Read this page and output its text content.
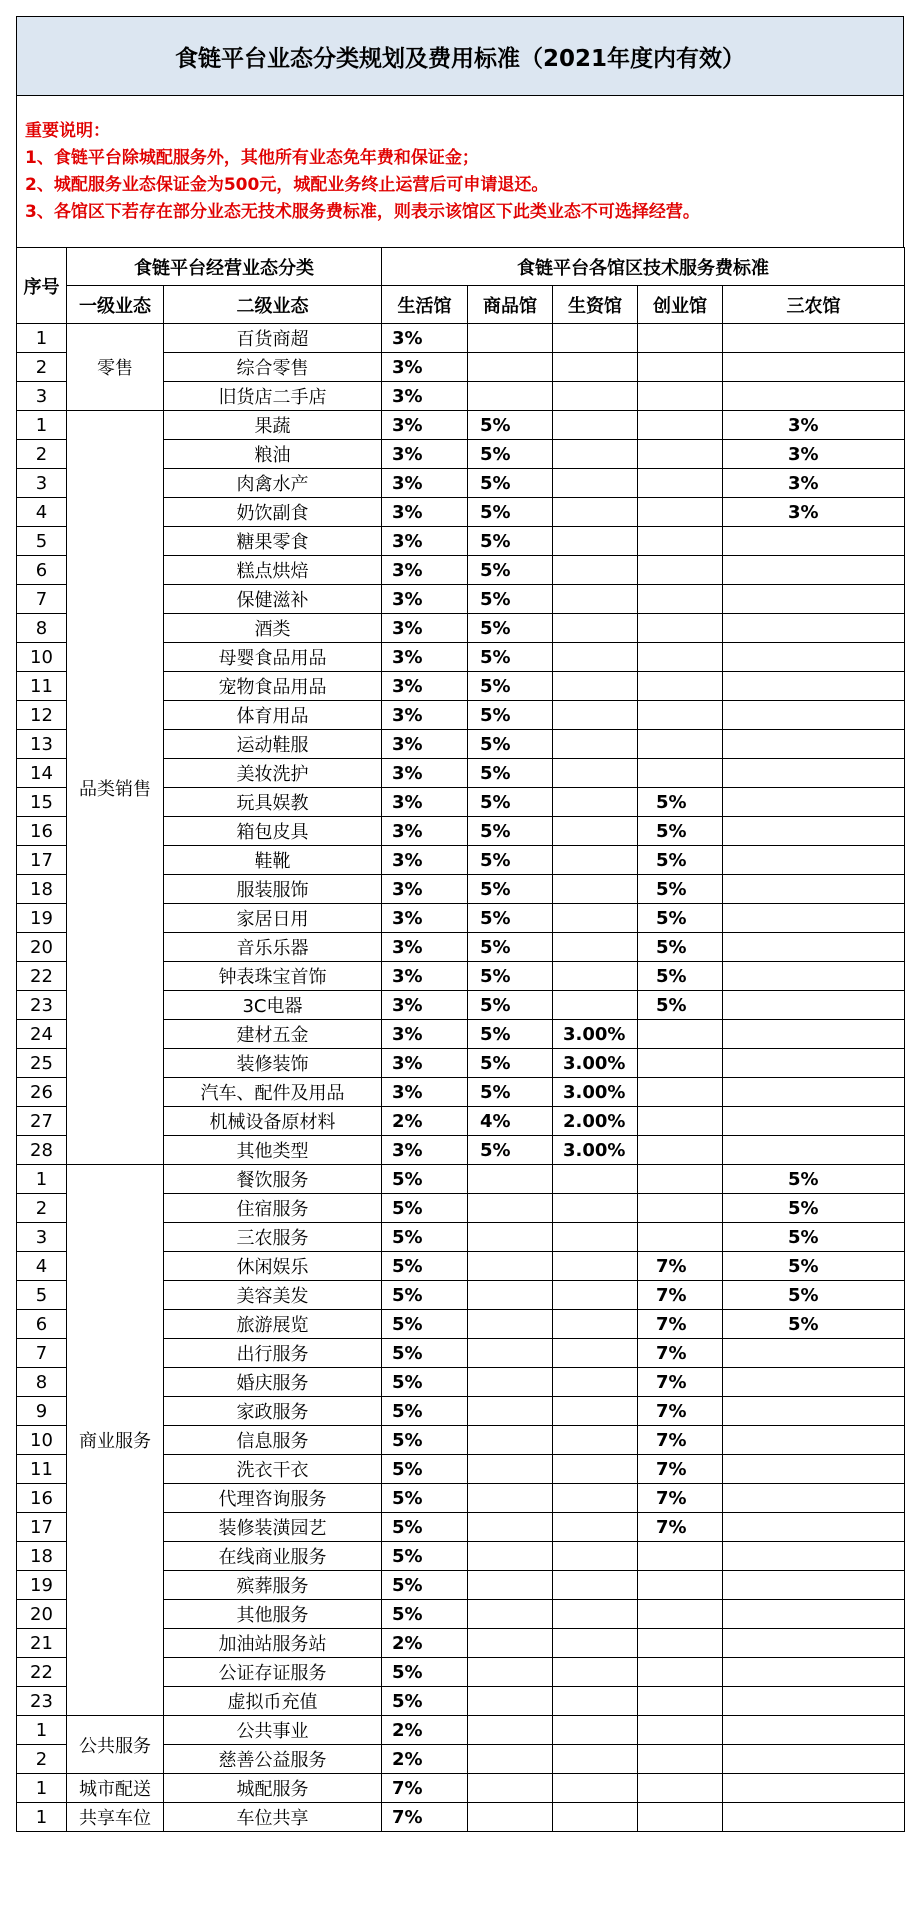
食链平台业态分类规划及费用标准（2021年度内有效）
重要说明：
1、食链平台除城配服务外，其他所有业态免年费和保证金；
2、城配服务业态保证金为500元，城配业务终止运营后可申请退还。
3、各馆区下若存在部分业态无技术服务费标准，则表示该馆区下此类业态不可选择经营。
序号	食链平台经营业态分类		食链平台各馆区技术服务费标准				
	一级业态	二级业态	生活馆	商品馆	生资馆	创业馆	三农馆
1	零售	百货商超	3%				
2		综合零售	3%				
3		旧货店二手店	3%				
1	品类销售	果蔬	3%	5%			3%
2		粮油	3%	5%			3%
3		肉禽水产	3%	5%			3%
4		奶饮副食	3%	5%			3%
5		糖果零食	3%	5%			
6		糕点烘焙	3%	5%			
7		保健滋补	3%	5%			
8		酒类	3%	5%			
10		母婴食品用品	3%	5%			
11		宠物食品用品	3%	5%			
12		体育用品	3%	5%			
13		运动鞋服	3%	5%			
14		美妆洗护	3%	5%			
15		玩具娱教	3%	5%		5%	
16		箱包皮具	3%	5%		5%	
17		鞋靴	3%	5%		5%	
18		服装服饰	3%	5%		5%	
19		家居日用	3%	5%		5%	
20		音乐乐器	3%	5%		5%	
22		钟表珠宝首饰	3%	5%		5%	
23		3C电器	3%	5%		5%	
24		建材五金	3%	5%	3.00%		
25		装修装饰	3%	5%	3.00%		
26		汽车、配件及用品	3%	5%	3.00%		
27		机械设备原材料	2%	4%	2.00%		
28		其他类型	3%	5%	3.00%		
1	商业服务	餐饮服务	5%				5%
2		住宿服务	5%				5%
3		三农服务	5%				5%
4		休闲娱乐	5%			7%	5%
5		美容美发	5%			7%	5%
6		旅游展览	5%			7%	5%
7		出行服务	5%			7%	
8		婚庆服务	5%			7%	
9		家政服务	5%			7%	
10		信息服务	5%			7%	
11		洗衣干衣	5%			7%	
16		代理咨询服务	5%			7%	
17		装修装潢园艺	5%			7%	
18		在线商业服务	5%				
19		殡葬服务	5%				
20		其他服务	5%				
21		加油站服务站	2%				
22		公证存证服务	5%				
23		虚拟币充值	5%				
1	公共服务	公共事业	2%				
2		慈善公益服务	2%				
1	城市配送	城配服务	7%				
1	共享车位	车位共享	7%				
